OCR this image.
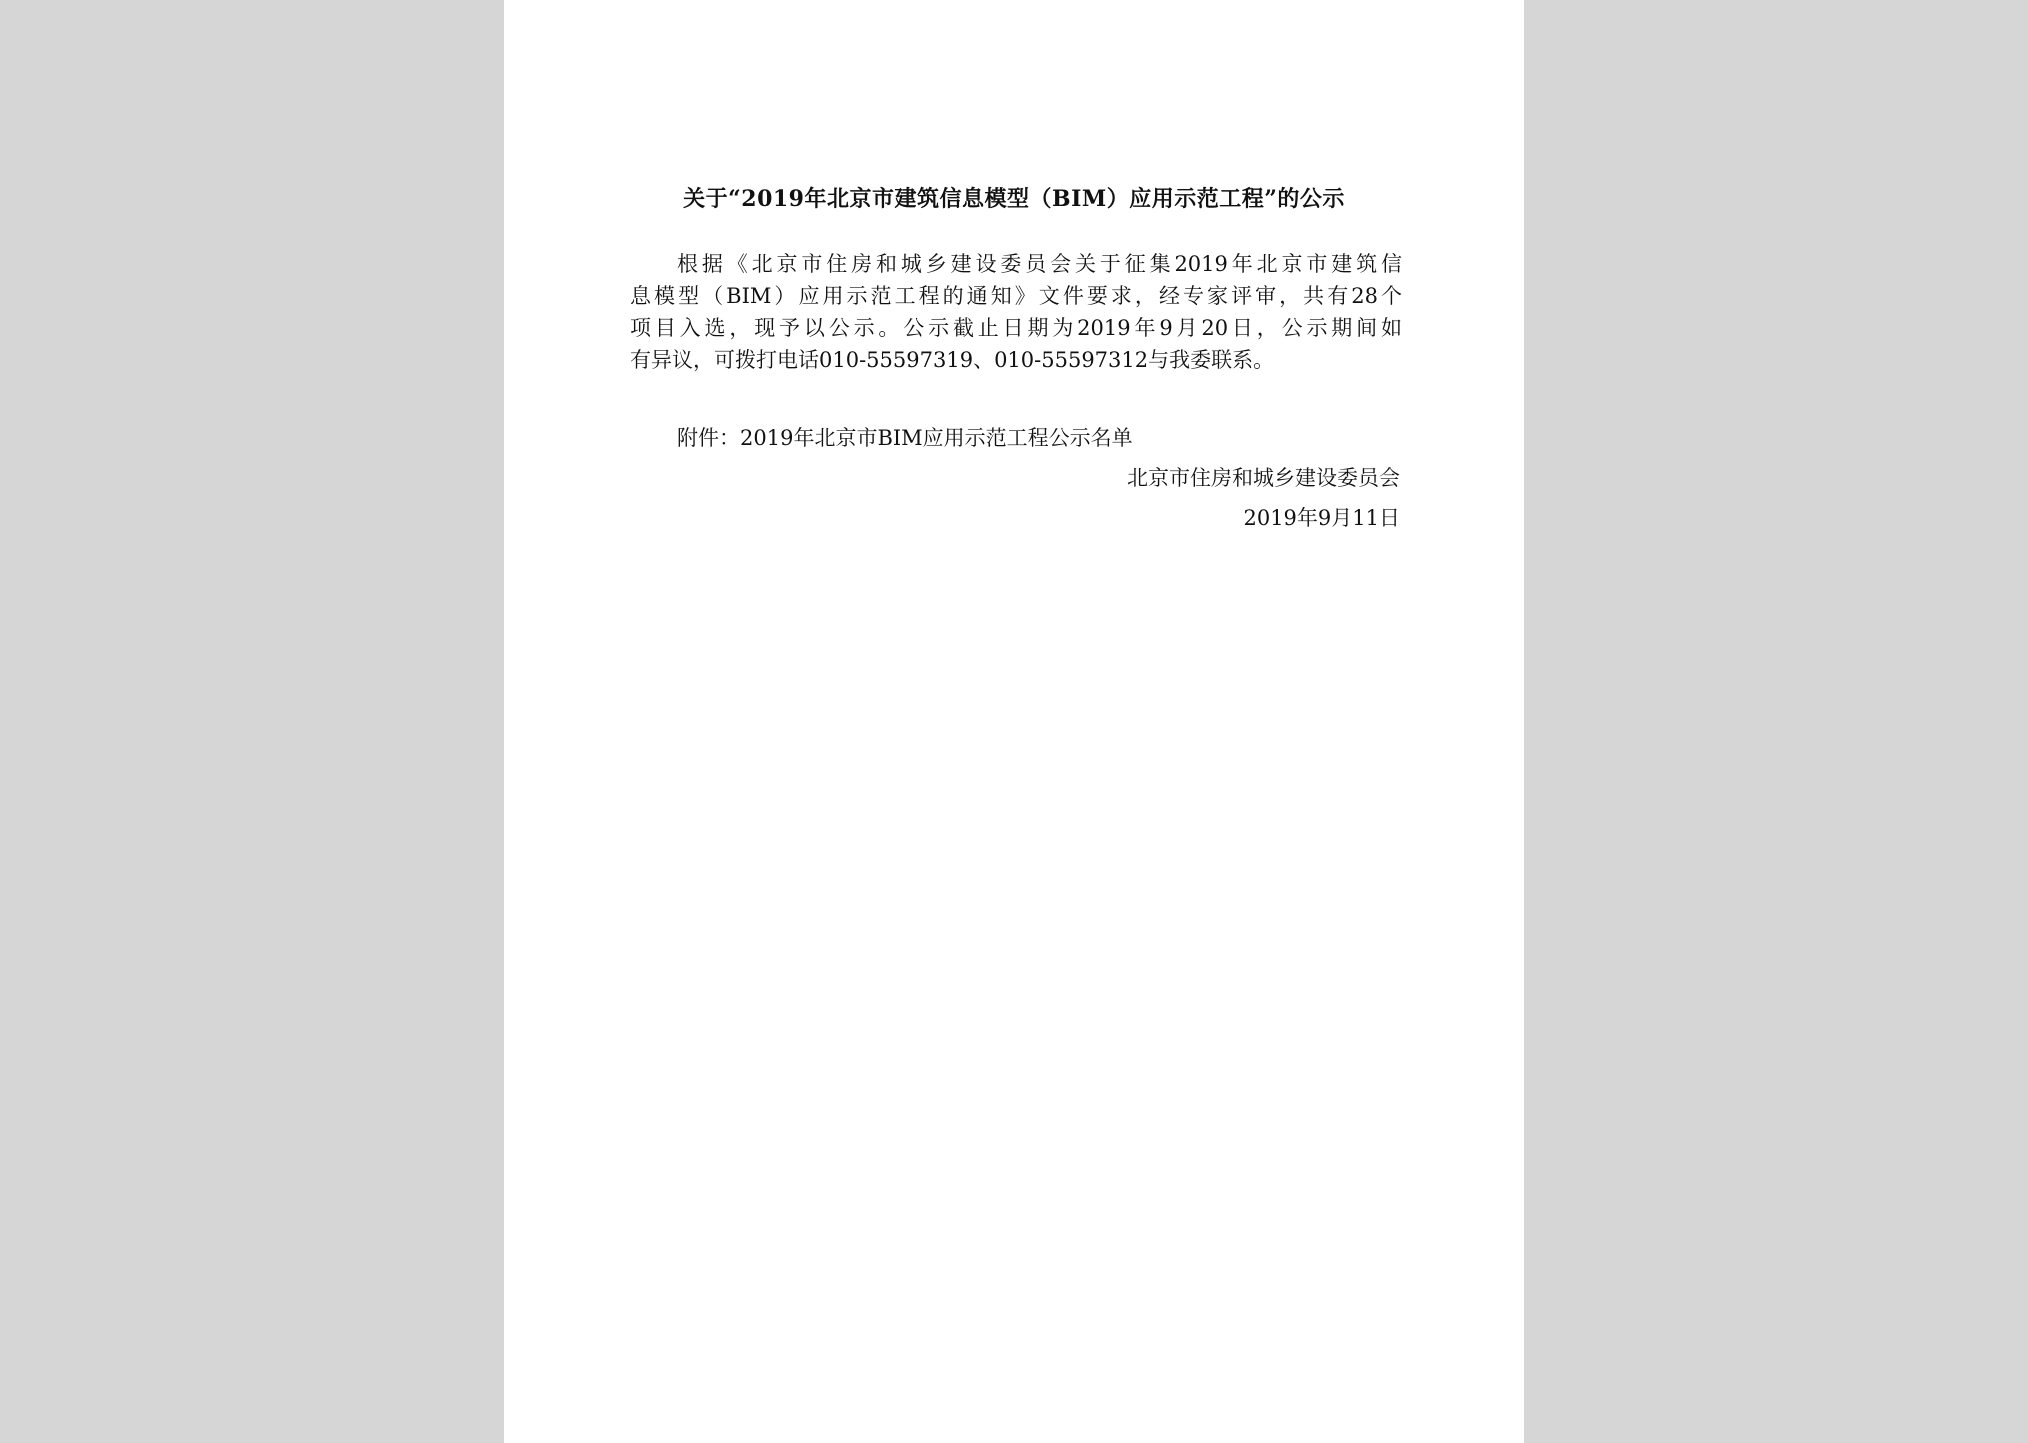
关于“2019年北京市建筑信息模型（BIM）应用示范工程”的公示
根据《北京市住房和城乡建设委员会关于征集2019年北京市建筑信
息模型（BIM）应用示范工程的通知》文件要求，经专家评审，共有28个
项目入选，现予以公示。公示截止日期为2019年9月20日，公示期间如
有异议，可拨打电话010-55597319、010-55597312与我委联系。
附件：2019年北京市BIM应用示范工程公示名单
北京市住房和城乡建设委员会
2019年9月11日
